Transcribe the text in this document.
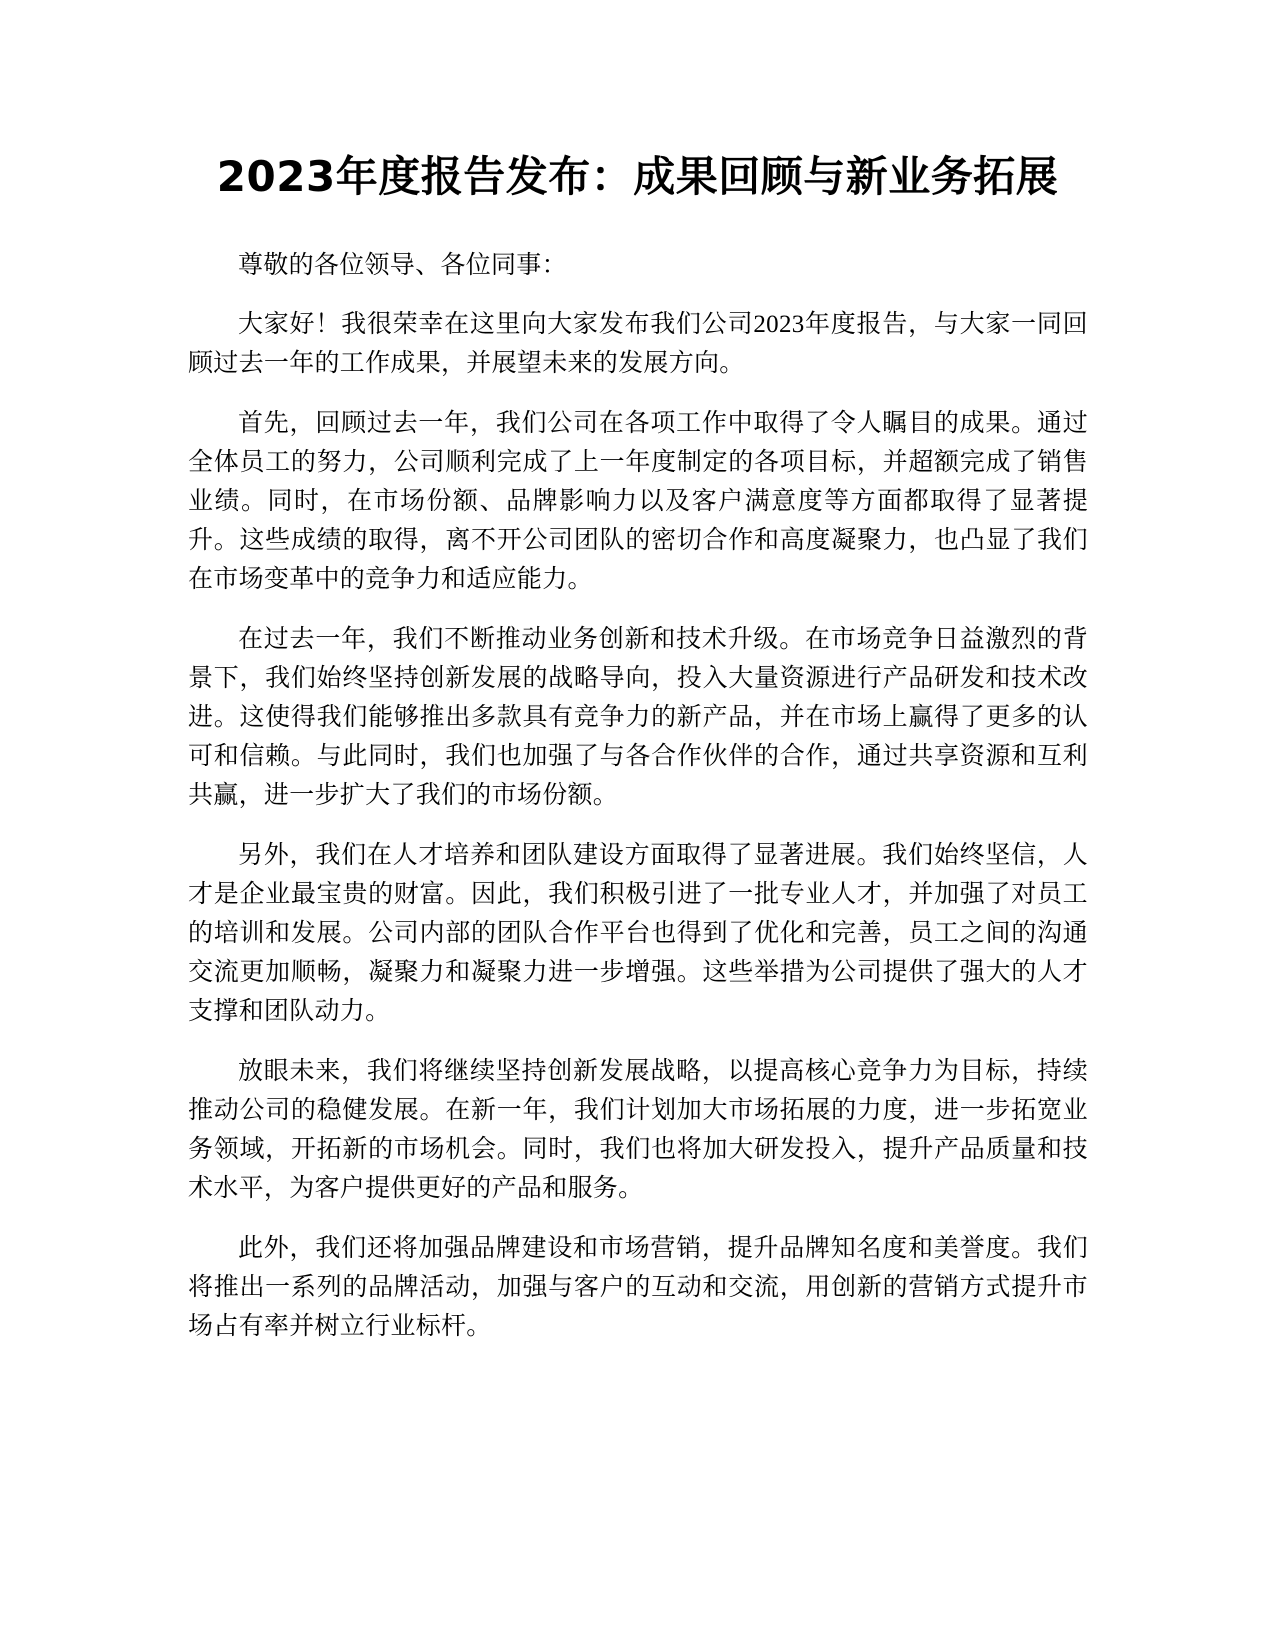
2023年度报告发布：成果回顾与新业务拓展

尊敬的各位领导、各位同事：

大家好！我很荣幸在这里向大家发布我们公司2023年度报告，与大家一同回顾过去一年的工作成果，并展望未来的发展方向。

首先，回顾过去一年，我们公司在各项工作中取得了令人瞩目的成果。通过全体员工的努力，公司顺利完成了上一年度制定的各项目标，并超额完成了销售业绩。同时，在市场份额、品牌影响力以及客户满意度等方面都取得了显著提升。这些成绩的取得，离不开公司团队的密切合作和高度凝聚力，也凸显了我们在市场变革中的竞争力和适应能力。

在过去一年，我们不断推动业务创新和技术升级。在市场竞争日益激烈的背景下，我们始终坚持创新发展的战略导向，投入大量资源进行产品研发和技术改进。这使得我们能够推出多款具有竞争力的新产品，并在市场上赢得了更多的认可和信赖。与此同时，我们也加强了与各合作伙伴的合作，通过共享资源和互利共赢，进一步扩大了我们的市场份额。

另外，我们在人才培养和团队建设方面取得了显著进展。我们始终坚信，人才是企业最宝贵的财富。因此，我们积极引进了一批专业人才，并加强了对员工的培训和发展。公司内部的团队合作平台也得到了优化和完善，员工之间的沟通交流更加顺畅，凝聚力和凝聚力进一步增强。这些举措为公司提供了强大的人才支撑和团队动力。

放眼未来，我们将继续坚持创新发展战略，以提高核心竞争力为目标，持续推动公司的稳健发展。在新一年，我们计划加大市场拓展的力度，进一步拓宽业务领域，开拓新的市场机会。同时，我们也将加大研发投入，提升产品质量和技术水平，为客户提供更好的产品和服务。

此外，我们还将加强品牌建设和市场营销，提升品牌知名度和美誉度。我们将推出一系列的品牌活动，加强与客户的互动和交流，用创新的营销方式提升市场占有率并树立行业标杆。
